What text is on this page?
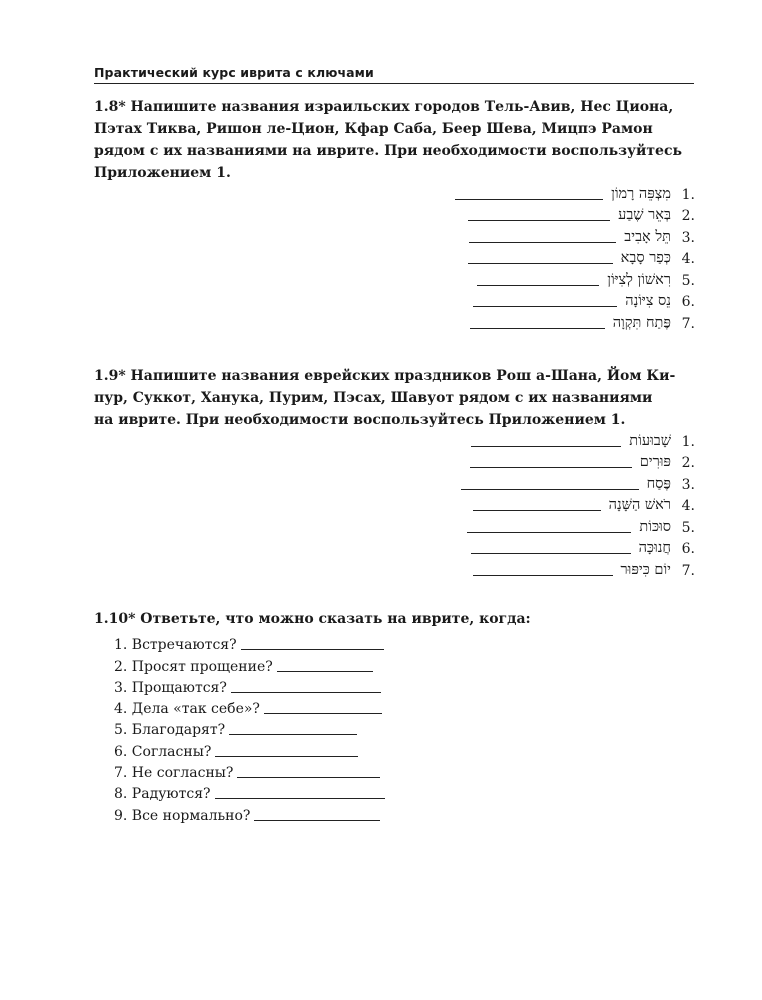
Практический курс иврита с ключами
1.8* Напишите названия израильских городов Тель-Авив, Нес Циона,
Пэтах Тиква, Ришон ле-Цион, Кфар Саба, Беер Шева, Мицпэ Рамон
рядом с их названиями на иврите. При необходимости воспользуйтесь
Приложением 1.
מִצְפֵּה רָמוֹן 1.
בְּאֵר שֶׁבַע 2.
תֵּל אָבִיב 3.
כְּפַר סָבָא 4.
רִאשׁוֹן לְצִיּוֹן 5.
נֵס צִיּוֹנָה 6.
פֶּתַח תִּקְוָה 7.
1.9* Напишите названия еврейских праздников Рош а-Шана, Йом Ки-
пур, Суккот, Ханука, Пурим, Пэсах, Шавуот рядом с их названиями
на иврите. При необходимости воспользуйтесь Приложением 1.
שָׁבוּעוֹת 1.
פּוּרִים 2.
פֶּסַח 3.
רֹאשׁ הַשָּׁנָה 4.
סוּכּוֹת 5.
חֲנוּכָּה 6.
יוֹם כִּיפּוּר 7.
1.10* Ответьте, что можно сказать на иврите, когда:
1. Встречаются?
2. Просят прощение?
3. Прощаются?
4. Дела «так себе»?
5. Благодарят?
6. Согласны?
7. Не согласны?
8. Радуются?
9. Все нормально?
